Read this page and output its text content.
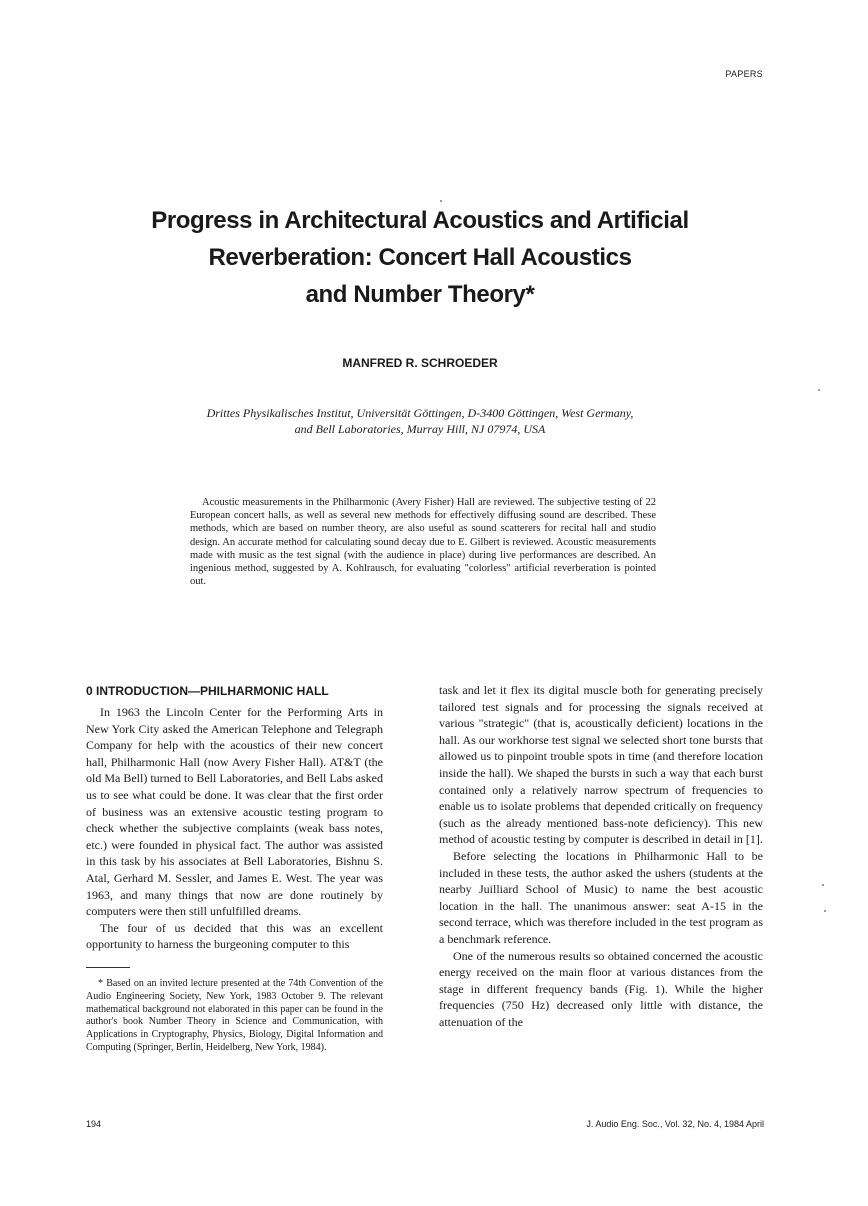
PAPERS
Progress in Architectural Acoustics and Artificial
Reverberation: Concert Hall Acoustics
and Number Theory*
MANFRED R. SCHROEDER
Drittes Physikalisches Institut, Universität Göttingen, D-3400 Göttingen, West Germany,
and Bell Laboratories, Murray Hill, NJ 07974, USA
Acoustic measurements in the Philharmonic (Avery Fisher) Hall are reviewed. The subjective testing of 22 European concert halls, as well as several new methods for effectively diffusing sound are described. These methods, which are based on number theory, are also useful as sound scatterers for recital hall and studio design. An accurate method for calculating sound decay due to E. Gilbert is reviewed. Acoustic measurements made with music as the test signal (with the audience in place) during live performances are described. An ingenious method, suggested by A. Kohlrausch, for evaluating "colorless" artificial reverberation is pointed out.
0 INTRODUCTION—PHILHARMONIC HALL

In 1963 the Lincoln Center for the Performing Arts in New York City asked the American Telephone and Telegraph Company for help with the acoustics of their new concert hall, Philharmonic Hall (now Avery Fisher Hall). AT&T (the old Ma Bell) turned to Bell Laboratories, and Bell Labs asked us to see what could be done. It was clear that the first order of business was an extensive acoustic testing program to check whether the subjective complaints (weak bass notes, etc.) were founded in physical fact. The author was assisted in this task by his associates at Bell Laboratories, Bishnu S. Atal, Gerhard M. Sessler, and James E. West. The year was 1963, and many things that now are done routinely by computers were then still unfulfilled dreams.

The four of us decided that this was an excellent opportunity to harness the burgeoning computer to this

* Based on an invited lecture presented at the 74th Convention of the Audio Engineering Society, New York, 1983 October 9. The relevant mathematical background not elaborated in this paper can be found in the author's book Number Theory in Science and Communication, with Applications in Cryptography, Physics, Biology, Digital Information and Computing (Springer, Berlin, Heidelberg, New York, 1984).

task and let it flex its digital muscle both for generating precisely tailored test signals and for processing the signals received at various "strategic" (that is, acoustically deficient) locations in the hall. As our workhorse test signal we selected short tone bursts that allowed us to pinpoint trouble spots in time (and therefore location inside the hall). We shaped the bursts in such a way that each burst contained only a relatively narrow spectrum of frequencies to enable us to isolate problems that depended critically on frequency (such as the already mentioned bass-note deficiency). This new method of acoustic testing by computer is described in detail in [1].

Before selecting the locations in Philharmonic Hall to be included in these tests, the author asked the ushers (students at the nearby Juilliard School of Music) to name the best acoustic location in the hall. The unanimous answer: seat A-15 in the second terrace, which was therefore included in the test program as a benchmark reference.

One of the numerous results so obtained concerned the acoustic energy received on the main floor at various distances from the stage in different frequency bands (Fig. 1). While the higher frequencies (750 Hz) decreased only little with distance, the attenuation of the

194	J. Audio Eng. Soc., Vol. 32, No. 4, 1984 April
